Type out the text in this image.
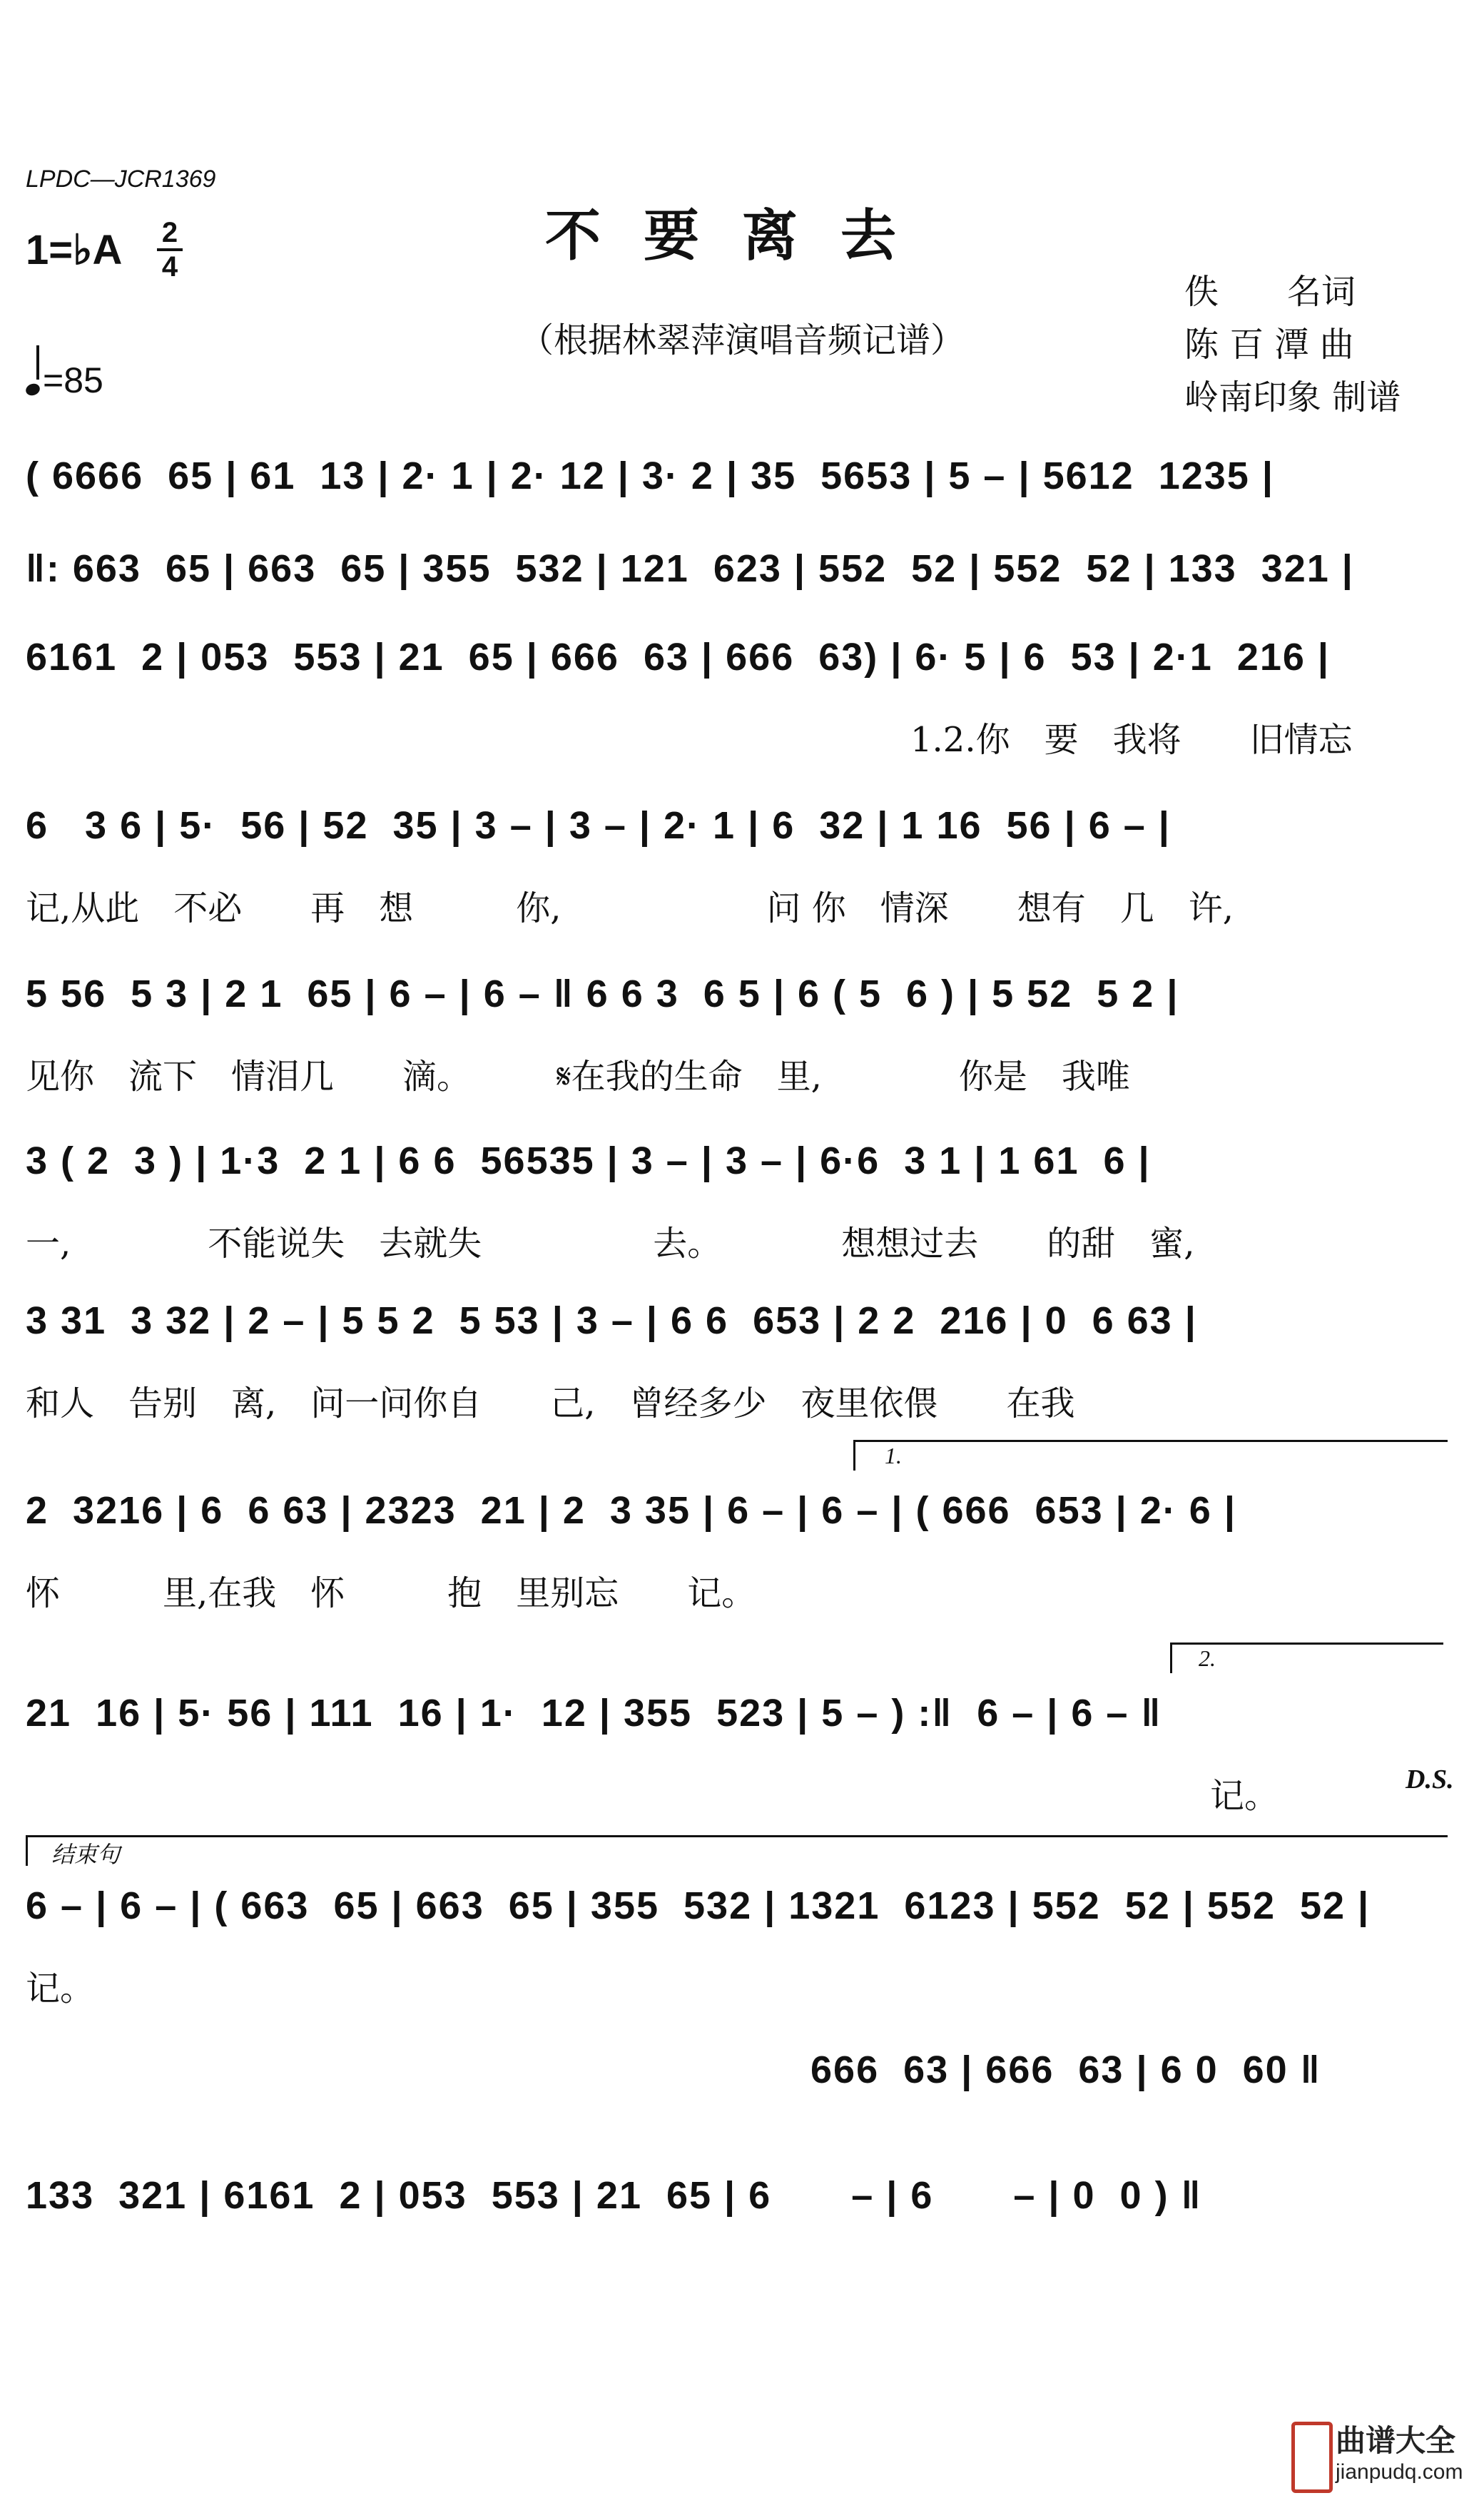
LPDC—JCR1369
不要离去
（根据林翠萍演唱音频记谱）
1=♭A 2
4
=85
佚　　名词
陈 百 潭 曲
岭南印象 制谱
( 6666  65 | 61  13 | 2· 1 | 2· 12 | 3· 2 | 35  5653 | 5 – | 5612  1235 |
‖: 663  65 | 663  65 | 355  532 | 121  623 | 552  52 | 552  52 | 133  321 |
6161  2 | 053  553 | 21  65 | 666  63 | 666  63) | 6· 5 | 6  53 | 2·1  216 |
1.2.你　要　我将　　旧情忘
6   3 6 | 5·  56 | 52  35 | 3 – | 3 – | 2· 1 | 6  32 | 1 16  56 | 6 – |
记,从此　不必　　再　想　　　你,　　　　　　问 你　情深　　想有　几　许,
5 56  5 3 | 2 1  65 | 6 – | 6 – ‖ 6 6 3  6 5 | 6 ( 5  6 ) | 5 52  5 2 |
见你　流下　情泪几　　滴。　　　𝄋在我的生命　里,　　　　你是　我唯
3 ( 2  3 ) | 1·3  2 1 | 6 6  56535 | 3 – | 3 – | 6·6  3 1 | 1 61  6 |
一,　　　　不能说失　去就失　　　　　去。　　　　想想过去　　的甜　蜜,
3 31  3 32 | 2 – | 5 5 2  5 53 | 3 – | 6 6  653 | 2 2  216 | 0  6 63 |
和人　告别　离,　问一问你自　　己,　曾经多少　夜里依偎　　在我
1.
2  3216 | 6  6 63 | 2323  21 | 2  3 35 | 6 – | 6 – | ( 666  653 | 2· 6 |
怀　　　里,在我　怀　　　抱　里别忘　　记。
2.
21  16 | 5· 56 | 111  16 | 1·  12 | 355  523 | 5 – ) :‖  6 – | 6 – ‖
记。	D.S.
结束句
6 – | 6 – | ( 663  65 | 663  65 | 355  532 | 1321  6123 | 552  52 | 552  52 |
记。
666  63 | 666  63 | 6 0  60 ‖
133  321 | 6161  2 | 053  553 | 21  65 | 6　　– | 6　　– | 0  0 ) ‖
曲谱大全
jianpudq.com
